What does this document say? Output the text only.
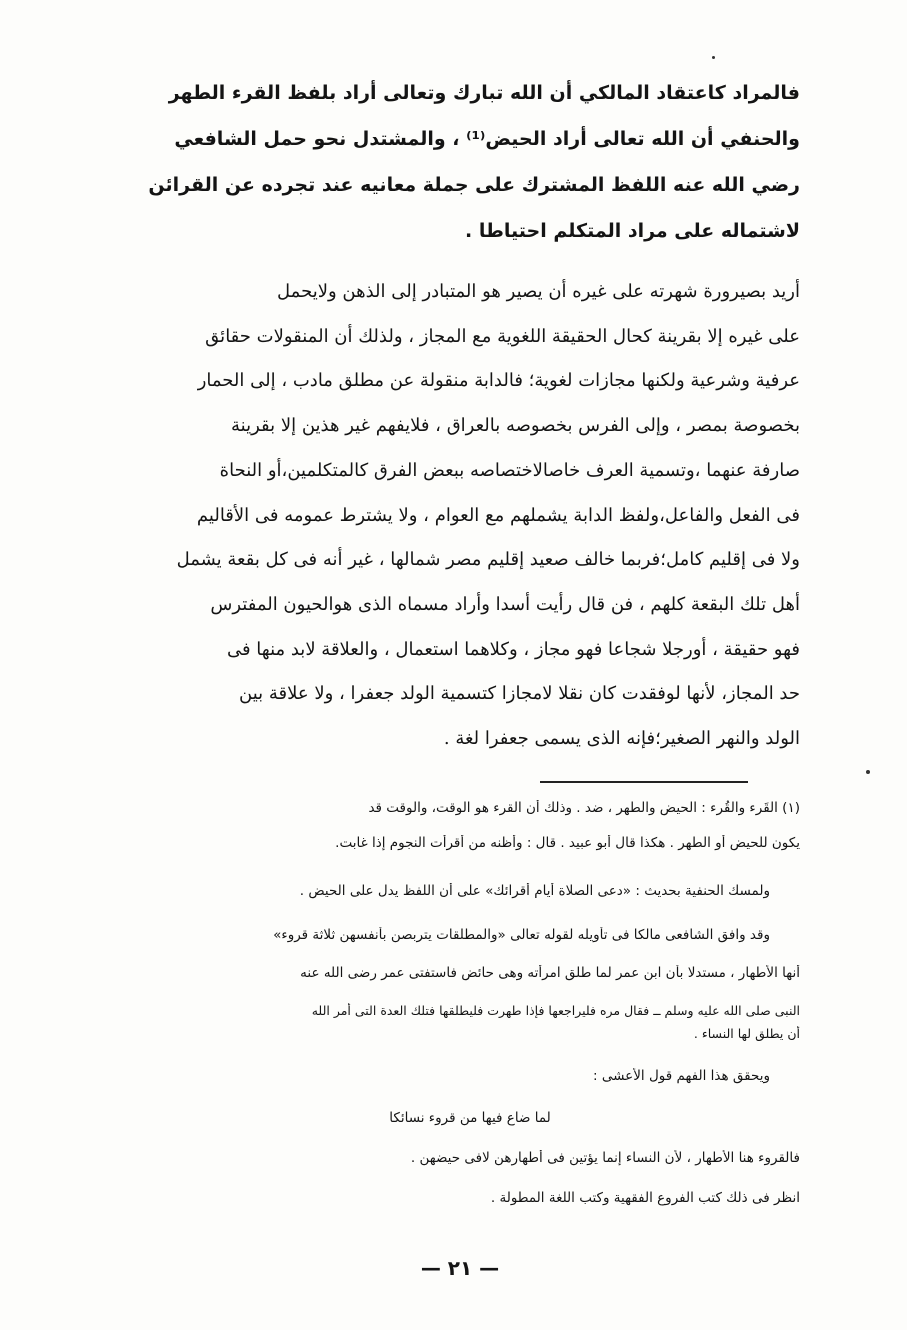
فالمراد كاعتقاد المالكي أن الله تبارك وتعالى أراد بلفظ القرء الطهر
والحنفي أن الله تعالى أراد الحيض⁽¹⁾ ، والمشتدل نحو حمل الشافعي
رضي الله عنه اللفظ المشترك على جملة معانيه عند تجرده عن القرائن
لاشتماله على مراد المتكلم احتياطا .
أريد بصيرورة شهرته على غيره أن يصير هو المتبادر إلى الذهن ولايحمل
على غيره إلا بقرينة كحال الحقيقة اللغوية مع المجاز ، ولذلك أن المنقولات حقائق
عرفية وشرعية ولكنها مجازات لغوية؛ فالدابة منقولة عن مطلق مادب ، إلى الحمار
بخصوصة بمصر ، وإلى الفرس بخصوصه بالعراق ، فلايفهم غير هذين إلا بقرينة
صارفة عنهما ،وتسمية العرف خاصالاختصاصه ببعض الفرق كالمتكلمين،أو النحاة
فى الفعل والفاعل،ولفظ الدابة يشملهم مع العوام ، ولا يشترط عمومه فى الأقاليم
ولا فى إقليم كامل؛فربما خالف صعيد إقليم مصر شمالها ، غير أنه فى كل بقعة يشمل
أهل تلك البقعة كلهم ، فن قال رأيت أسدا وأراد مسماه الذى هوالحيون المفترس
فهو حقيقة ، أورجلا شجاعا فهو مجاز ، وكلاهما استعمال ، والعلاقة لابد منها فى
حد المجاز، لأنها لوفقدت كان نقلا لامجازا كتسمية الولد جعفرا ، ولا علاقة بين
الولد والنهر الصغير؛فإنه الذى يسمى جعفرا لغة .

(١) القَرء والقُرء : الحيض والطهر ، ضد . وذلك أن القرء هو الوقت، والوقت قد

يكون للحيض أو الطهر . هكذا قال أبو عبيد . قال : وأظنه من أقرأت النجوم إذا غابت.

ولمسك الحنفية بحديث : «دعى الصلاة أيام أقرائك» على أن اللفظ يدل على الحيض .

وقد وافق الشافعى مالكا فى تأويله لقوله تعالى «والمطلقات يتربصن بأنفسهن ثلاثة قروء»

أنها الأطهار ، مستدلا بأن ابن عمر لما طلق امرأته وهى حائض فاستفتى عمر رضى الله عنه

النبى صلى الله عليه وسلم ــ فقال مره فليراجعها فإذا طهرت فليطلقها فتلك العدة التى أمر الله

أن يطلق لها النساء .

ويحقق هذا الفهم قول الأعشى :

لما ضاع فيها من قروء نسائكا

فالقروء هنا الأطهار ، لأن النساء إنما يؤتين فى أطهارهن لافى حيضهن .

انظر فى ذلك كتب الفروع الفقهية وكتب اللغة المطولة .

— ٢١ —
